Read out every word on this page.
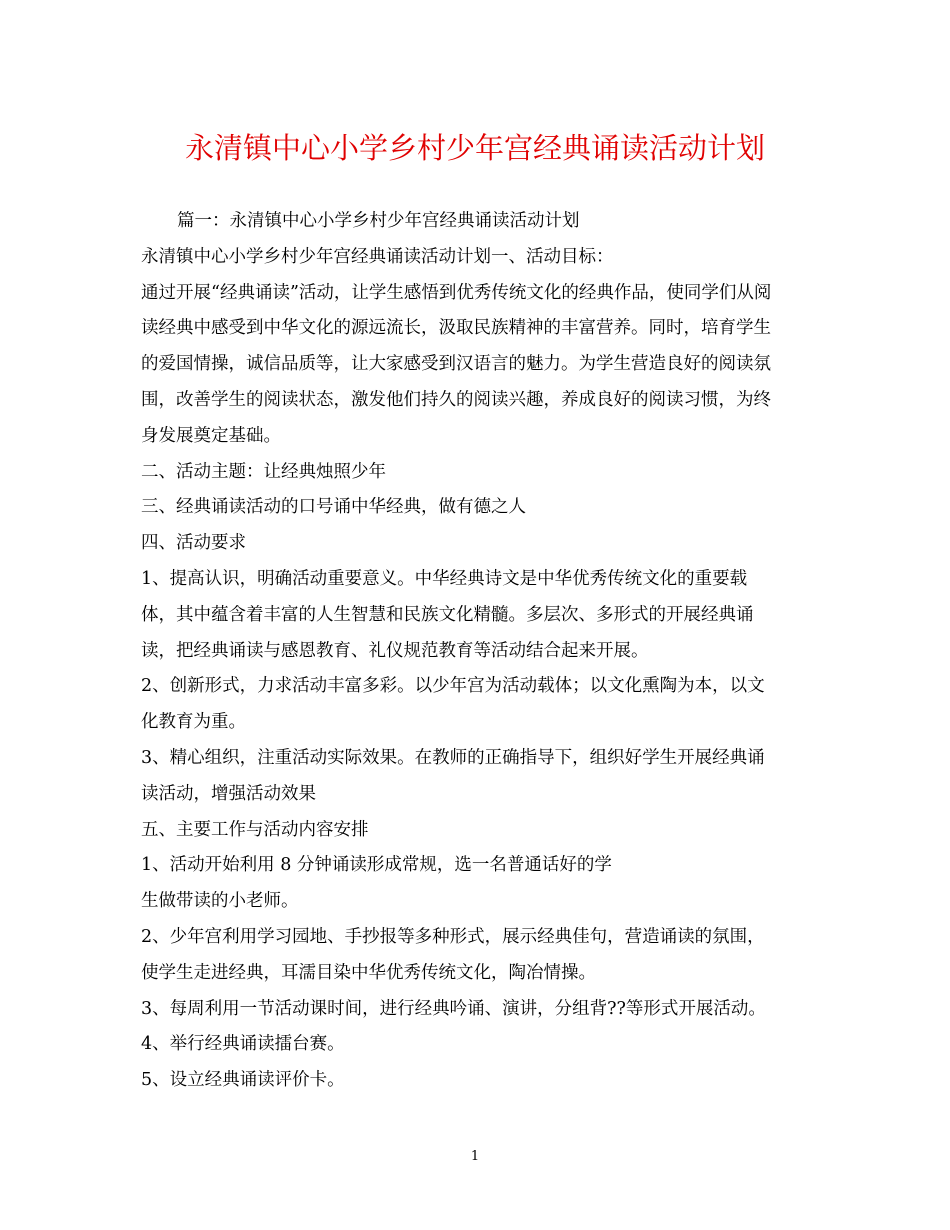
永清镇中心小学乡村少年宫经典诵读活动计划
篇一：永清镇中心小学乡村少年宫经典诵读活动计划
永清镇中心小学乡村少年宫经典诵读活动计划一、活动目标：
通过开展“经典诵读”活动，让学生感悟到优秀传统文化的经典作品，使同学们从阅
读经典中感受到中华文化的源远流长，汲取民族精神的丰富营养。同时，培育学生
的爱国情操，诚信品质等，让大家感受到汉语言的魅力。为学生营造良好的阅读氛
围，改善学生的阅读状态，激发他们持久的阅读兴趣，养成良好的阅读习惯，为终
身发展奠定基础。
二、活动主题：让经典烛照少年
三、经典诵读活动的口号诵中华经典，做有德之人
四、活动要求
1、提高认识，明确活动重要意义。中华经典诗文是中华优秀传统文化的重要载
体，其中蕴含着丰富的人生智慧和民族文化精髓。多层次、多形式的开展经典诵
读，把经典诵读与感恩教育、礼仪规范教育等活动结合起来开展。
2、创新形式，力求活动丰富多彩。以少年宫为活动载体；以文化熏陶为本，以文
化教育为重。
3、精心组织，注重活动实际效果。在教师的正确指导下，组织好学生开展经典诵
读活动，增强活动效果
五、主要工作与活动内容安排
1、活动开始利用 8 分钟诵读形成常规，选一名普通话好的学
生做带读的小老师。
2、少年宫利用学习园地、手抄报等多种形式，展示经典佳句，营造诵读的氛围，
使学生走进经典，耳濡目染中华优秀传统文化，陶冶情操。
3、每周利用一节活动课时间，进行经典吟诵、演讲，分组背??等形式开展活动。
4、举行经典诵读擂台赛。
5、设立经典诵读评价卡。
1
